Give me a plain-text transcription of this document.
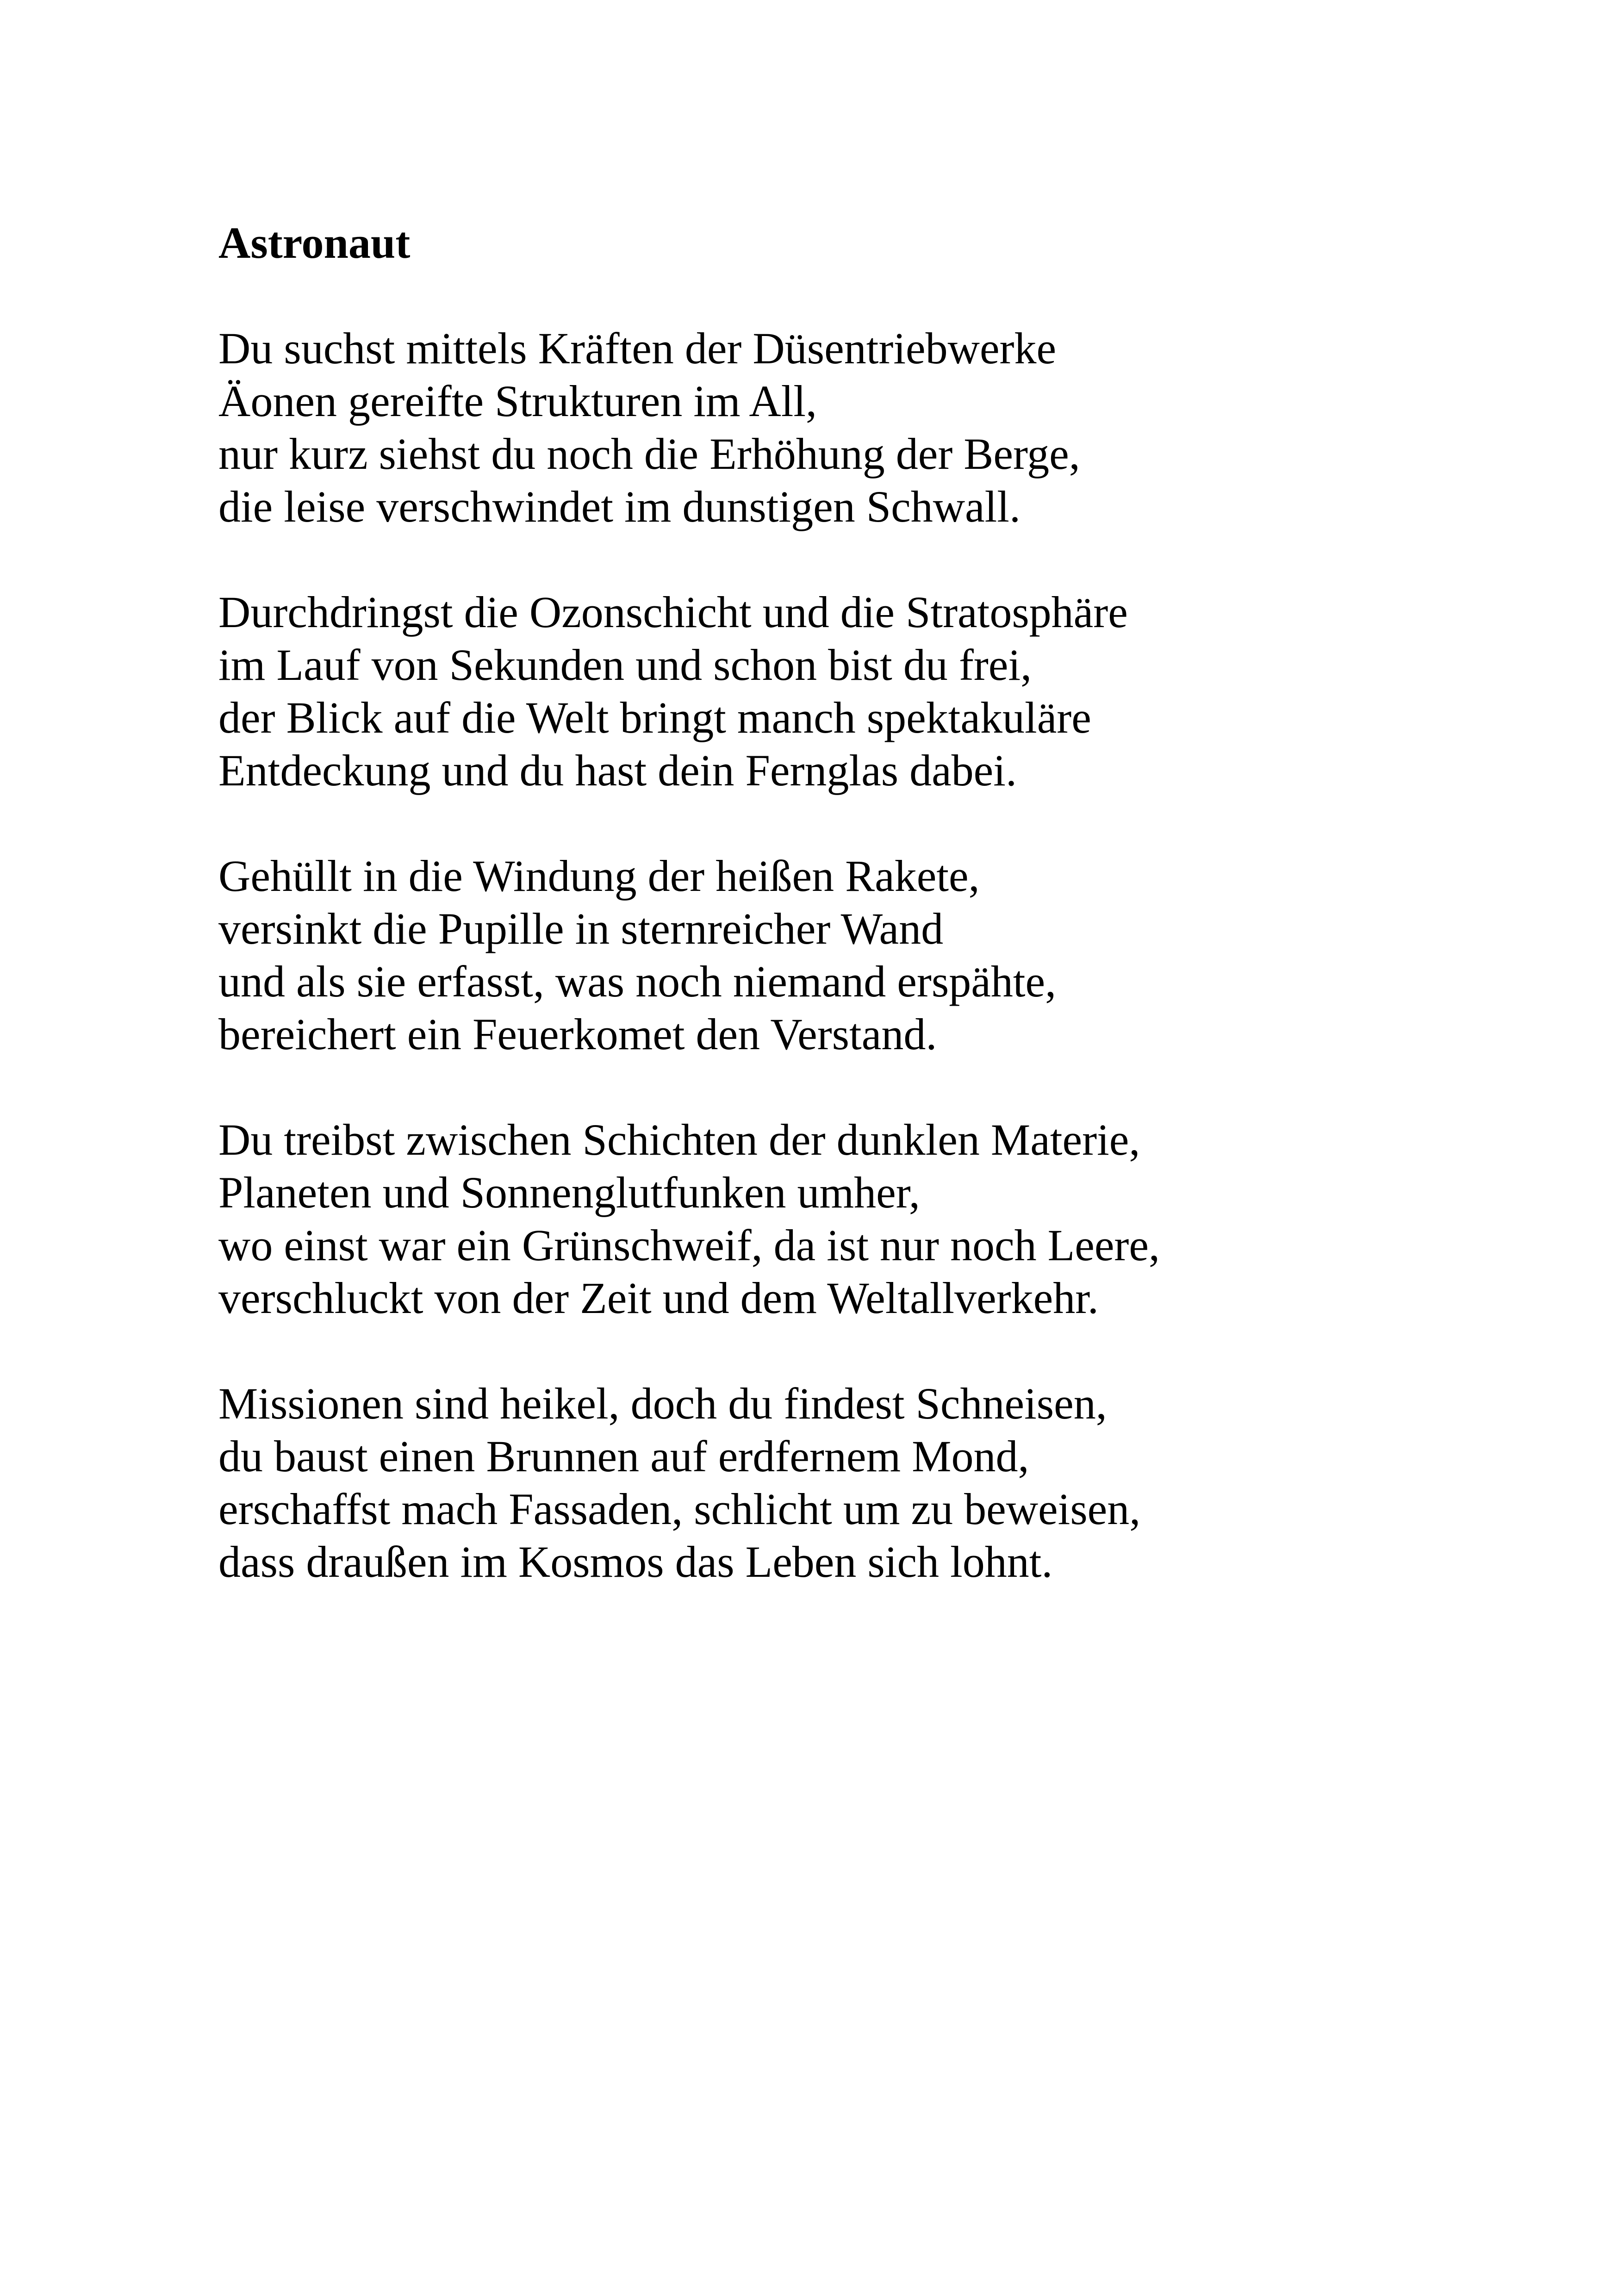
Astronaut
Du suchst mittels Kräften der Düsentriebwerke
Äonen gereifte Strukturen im All,
nur kurz siehst du noch die Erhöhung der Berge,
die leise verschwindet im dunstigen Schwall.
Durchdringst die Ozonschicht und die Stratosphäre
im Lauf von Sekunden und schon bist du frei,
der Blick auf die Welt bringt manch spektakuläre
Entdeckung und du hast dein Fernglas dabei.
Gehüllt in die Windung der heißen Rakete,
versinkt die Pupille in sternreicher Wand
und als sie erfasst, was noch niemand erspähte,
bereichert ein Feuerkomet den Verstand.
Du treibst zwischen Schichten der dunklen Materie,
Planeten und Sonnenglutfunken umher,
wo einst war ein Grünschweif, da ist nur noch Leere,
verschluckt von der Zeit und dem Weltallverkehr.
Missionen sind heikel, doch du findest Schneisen,
du baust einen Brunnen auf erdfernem Mond,
erschaffst mach Fassaden, schlicht um zu beweisen,
dass draußen im Kosmos das Leben sich lohnt.
